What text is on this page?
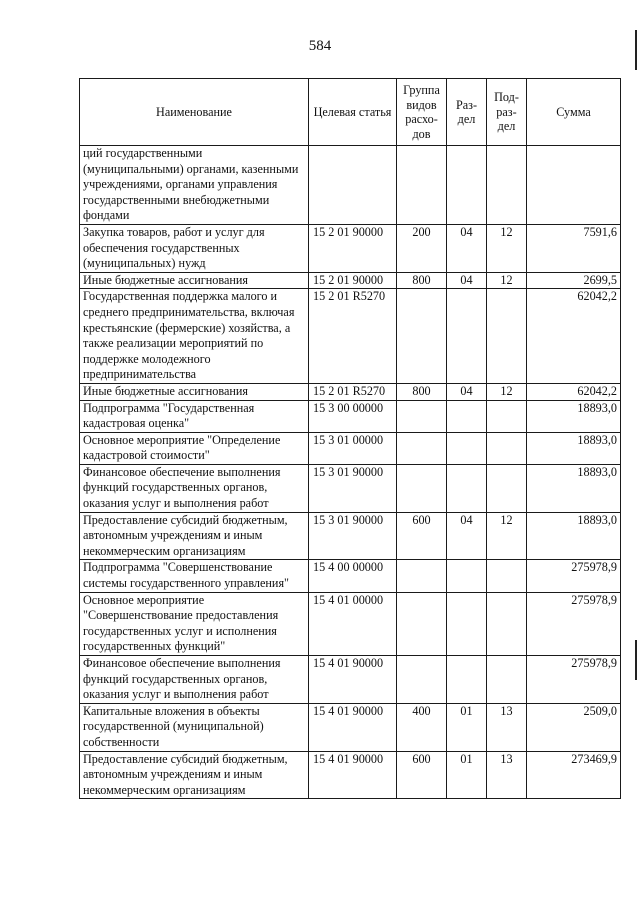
584
Наименование	Целевая статья	Группа видов расхо-дов	Раз-дел	Под-раз-дел	Сумма
ций государственными (муниципальными) органами, казенными учреждениями, органами управления государственными внебюджетными фондами					
Закупка товаров, работ и услуг для обеспечения государственных (муниципальных) нужд	15 2 01 90000	200	04	12	7591,6
Иные бюджетные ассигнования	15 2 01 90000	800	04	12	2699,5
Государственная поддержка малого и среднего предпринимательства, включая крестьянские (фермерские) хозяйства, а также реализации мероприятий по поддержке молодежного предпринимательства	15 2 01 R5270				62042,2
Иные бюджетные ассигнования	15 2 01 R5270	800	04	12	62042,2
Подпрограмма "Государственная кадастровая оценка"	15 3 00 00000				18893,0
Основное мероприятие "Определение кадастровой стоимости"	15 3 01 00000				18893,0
Финансовое обеспечение выполнения функций государственных органов, оказания услуг и выполнения работ	15 3 01 90000				18893,0
Предоставление субсидий бюджетным, автономным учреждениям и иным некоммерческим организациям	15 3 01 90000	600	04	12	18893,0
Подпрограмма "Совершенствование системы государственного управления"	15 4 00 00000				275978,9
Основное мероприятие "Совершенствование предоставления государственных услуг и исполнения государственных функций"	15 4 01 00000				275978,9
Финансовое обеспечение выполнения функций государственных органов, оказания услуг и выполнения работ	15 4 01 90000				275978,9
Капитальные вложения в объекты государственной (муниципальной) собственности	15 4 01 90000	400	01	13	2509,0
Предоставление субсидий бюджетным, автономным учреждениям и иным некоммерческим организациям	15 4 01 90000	600	01	13	273469,9
